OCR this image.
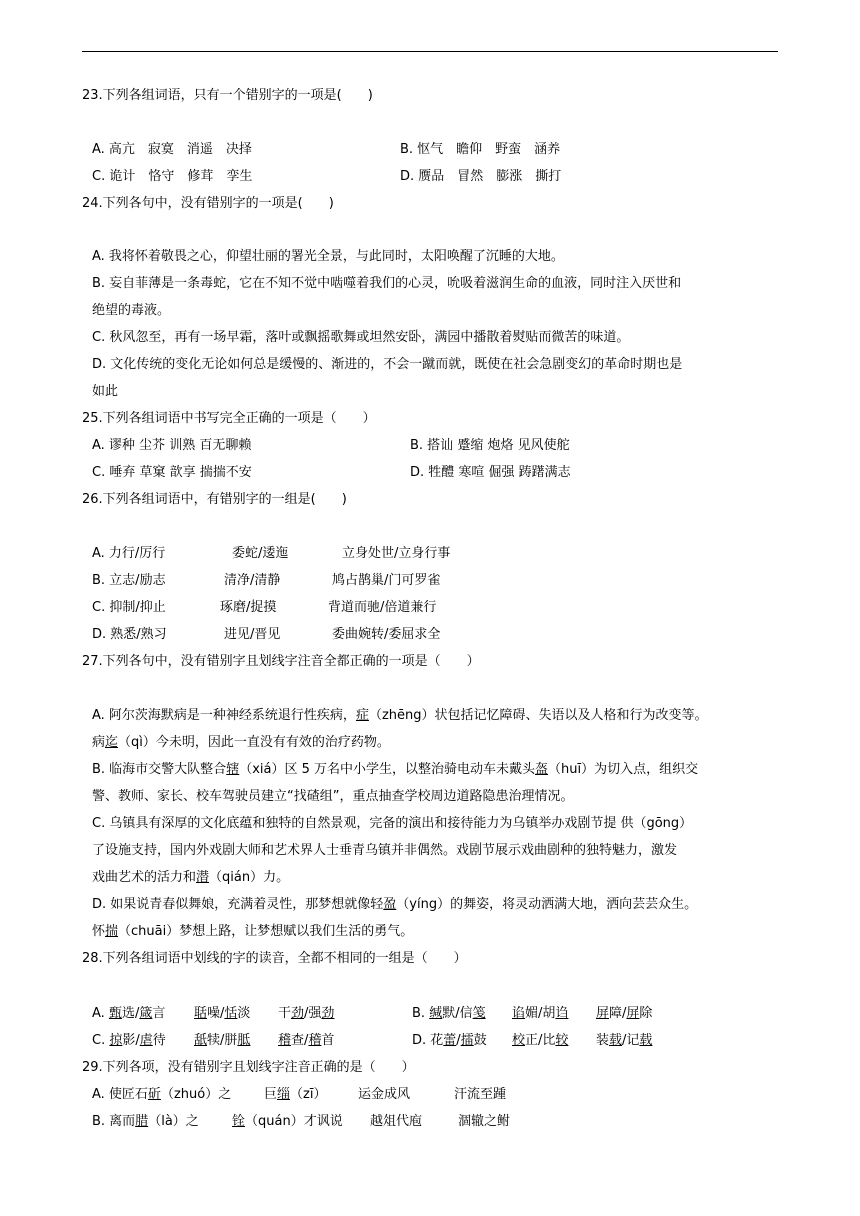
23.下列各组词语，只有一个错别字的一项是(　　)
A. 高亢　寂寞　消遥　决择	B. 怄气　瞻仰　野蛮　涵养
C. 诡计　恪守　修茸　孪生	D. 赝品　冒然　膨涨　撕打
24.下列各句中，没有错别字的一项是(　　)
A. 我将怀着敬畏之心，仰望壮丽的署光全景，与此同时，太阳唤醒了沉睡的大地。
B. 妄自菲薄是一条毒蛇，它在不知不觉中啮噬着我们的心灵，吮吸着滋润生命的血液，同时注入厌世和
绝望的毒液。
C. 秋风忽至，再有一场早霜，落叶或飘摇歌舞或坦然安卧，满园中播散着熨贴而微苦的味道。
D. 文化传统的变化无论如何总是缓慢的、渐进的，不会一蹴而就，既使在社会急剧变幻的革命时期也是
如此
25.下列各组词语中书写完全正确的一项是（　　）
A. 谬种 尘芥 训熟 百无聊赖	B. 搭讪 蹙缩 炮烙 见风使舵
C. 唾弃 草窠 歆享 揣揣不安	D. 牲醴 寒喧 倔强 踌躇满志
26.下列各组词语中，有错别字的一组是(　　)
A. 力行/厉行	委蛇/逶迤	立身处世/立身行事
B. 立志/励志	清净/清静	鸠占鹊巢/门可罗雀
C. 抑制/抑止	琢磨/捉摸	背道而驰/倍道兼行
D. 熟悉/熟习	进见/晋见	委曲婉转/委屈求全
27.下列各句中，没有错别字且划线字注音全都正确的一项是（　　）
A. 阿尔茨海默病是一种神经系统退行性疾病，症（zhēng）状包括记忆障碍、失语以及人格和行为改变等。
病迄（qì）今未明，因此一直没有有效的治疗药物。
B. 临海市交警大队整合辖（xiá）区 5 万名中小学生，以整治骑电动车未戴头盔（huī）为切入点，组织交
警、教师、家长、校车驾驶员建立“找碴组”，重点抽查学校周边道路隐患治理情况。
C. 乌镇具有深厚的文化底蕴和独特的自然景观，完备的演出和接待能力为乌镇举办戏剧节提 供（gōng）
了设施支持，国内外戏剧大师和艺术界人士垂青乌镇并非偶然。戏剧节展示戏曲剧种的独特魅力，激发
戏曲艺术的活力和潜（qián）力。
D. 如果说青春似舞娘，充满着灵性，那梦想就像轻盈（yíng）的舞姿，将灵动洒满大地，洒向芸芸众生。
怀揣（chuāi）梦想上路，让梦想赋以我们生活的勇气。
28.下列各组词语中划线的字的读音，全都不相同的一组是（　　）
A. 甄选/箴言 聒噪/恬淡 干劲/强劲	B. 缄默/信笺 谄媚/胡诌 屏障/屏除
C. 掠影/虐待 舐犊/胼胝 稽查/稽首	D. 花蕾/擂鼓 校正/比较 装载/记载
29.下列各项，没有错别字且划线字注音正确的是（　　）
A. 使匠石斫（zhuó）之	巨缁（zī） 运金成风	汗流至踵
B. 离而腊（là）之	铨（quán）才讽说 越俎代庖	涸辙之鲋
